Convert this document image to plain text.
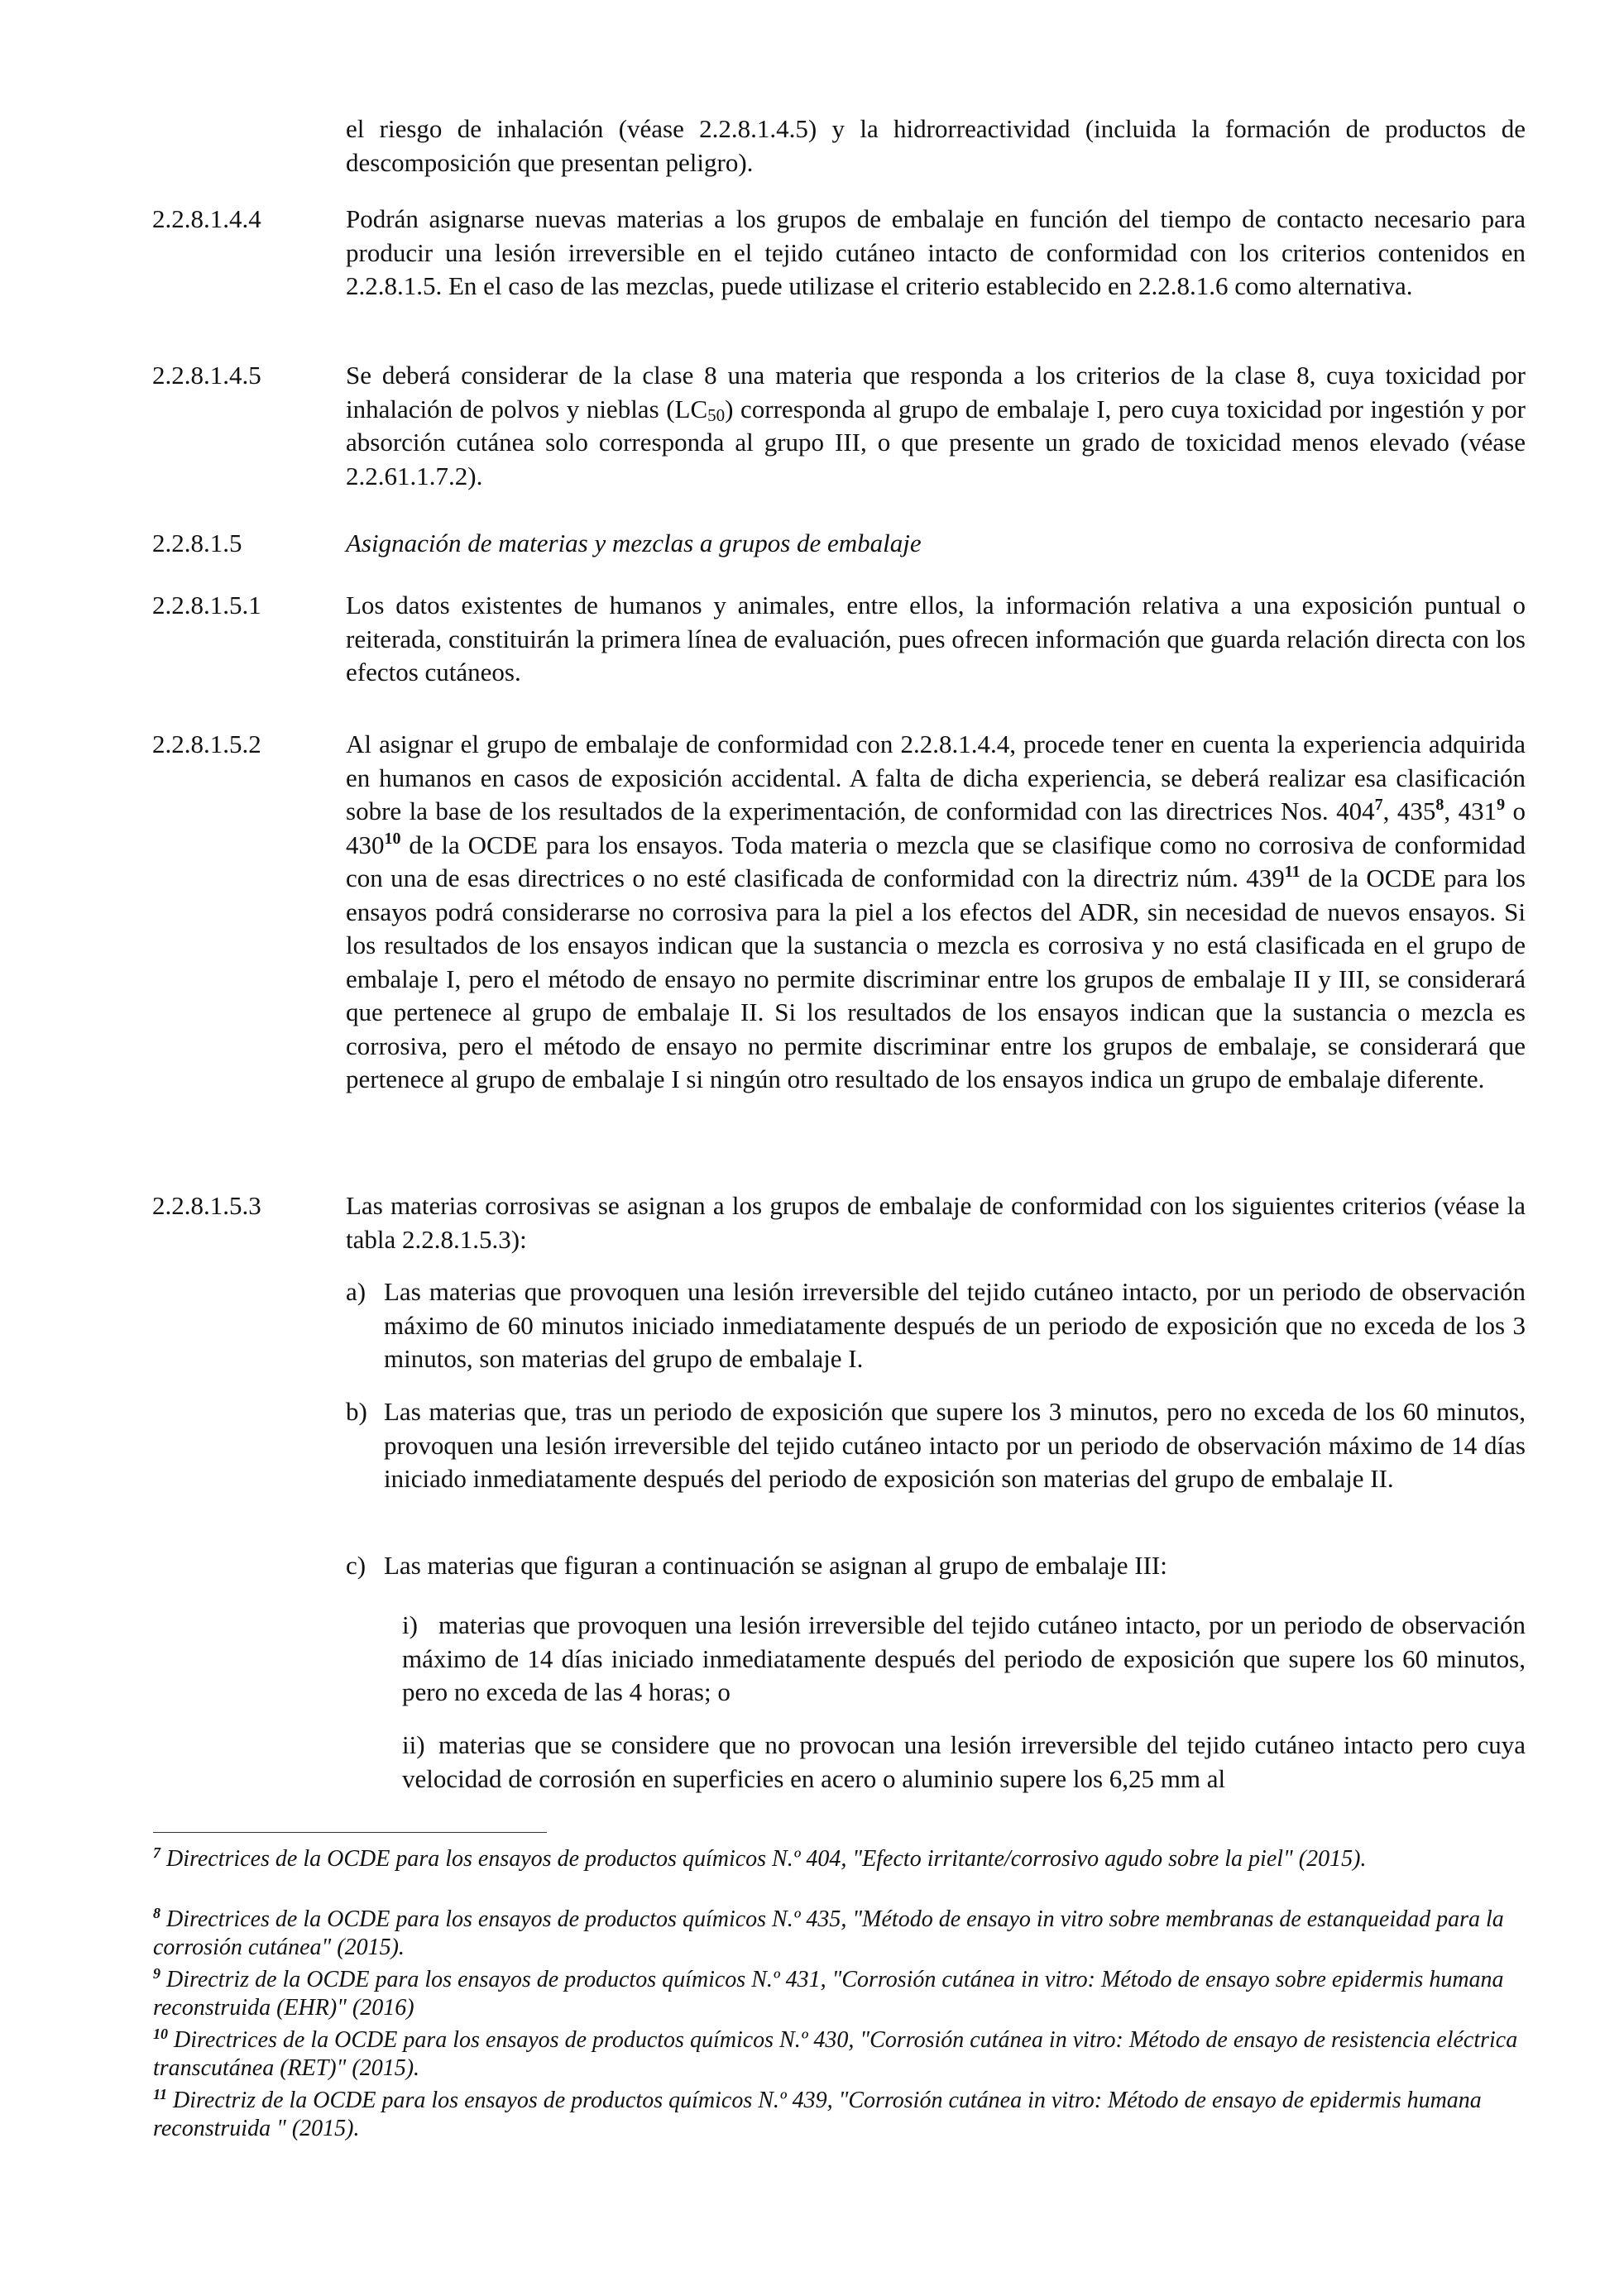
el riesgo de inhalación (véase 2.2.8.1.4.5) y la hidrorreactividad (incluida la formación de productos de descomposición que presentan peligro).
2.2.8.1.4.4	Podrán asignarse nuevas materias a los grupos de embalaje en función del tiempo de contacto necesario para producir una lesión irreversible en el tejido cutáneo intacto de conformidad con los criterios contenidos en 2.2.8.1.5. En el caso de las mezclas, puede utilizase el criterio establecido en 2.2.8.1.6 como alternativa.
2.2.8.1.4.5	Se deberá considerar de la clase 8 una materia que responda a los criterios de la clase 8, cuya toxicidad por inhalación de polvos y nieblas $(LC_{50})$ corresponda al grupo de embalaje I, pero cuya toxicidad por ingestión y por absorción cutánea solo corresponda al grupo III, o que presente un grado de toxicidad menos elevado (véase 2.2.61.1.7.2).
2.2.8.1.5	Asignación de materias y mezclas a grupos de embalaje
2.2.8.1.5.1	Los datos existentes de humanos y animales, entre ellos, la información relativa a una exposición puntual o reiterada, constituirán la primera línea de evaluación, pues ofrecen información que guarda relación directa con los efectos cutáneos.
2.2.8.1.5.2	Al asignar el grupo de embalaje de conformidad con 2.2.8.1.4.4, procede tener en cuenta la experiencia adquirida en humanos en casos de exposición accidental. A falta de dicha experiencia, se deberá realizar esa clasificación sobre la base de los resultados de la experimentación, de conformidad con las directrices Nos. $404^7$, $435^8$, $431^9$ o $430^{10}$ de la OCDE para los ensayos. Toda materia o mezcla que se clasifique como no corrosiva de conformidad con una de esas directrices o no esté clasificada de conformidad con la directriz núm. $439^{11}$ de la OCDE para los ensayos podrá considerarse no corrosiva para la piel a los efectos del ADR, sin necesidad de nuevos ensayos. Si los resultados de los ensayos indican que la sustancia o mezcla es corrosiva y no está clasificada en el grupo de embalaje I, pero el método de ensayo no permite discriminar entre los grupos de embalaje II y III, se considerará que pertenece al grupo de embalaje II. Si los resultados de los ensayos indican que la sustancia o mezcla es corrosiva, pero el método de ensayo no permite discriminar entre los grupos de embalaje, se considerará que pertenece al grupo de embalaje I si ningún otro resultado de los ensayos indica un grupo de embalaje diferente.
2.2.8.1.5.3	Las materias corrosivas se asignan a los grupos de embalaje de conformidad con los siguientes criterios (véase la tabla 2.2.8.1.5.3):
a) Las materias que provoquen una lesión irreversible del tejido cutáneo intacto, por un periodo de observación máximo de 60 minutos iniciado inmediatamente después de un periodo de exposición que no exceda de los 3 minutos, son materias del grupo de embalaje I.
b) Las materias que, tras un periodo de exposición que supere los 3 minutos, pero no exceda de los 60 minutos, provoquen una lesión irreversible del tejido cutáneo intacto por un periodo de observación máximo de 14 días iniciado inmediatamente después del periodo de exposición son materias del grupo de embalaje II.
c) Las materias que figuran a continuación se asignan al grupo de embalaje III:
i) materias que provoquen una lesión irreversible del tejido cutáneo intacto, por un periodo de observación máximo de 14 días iniciado inmediatamente después del periodo de exposición que supere los 60 minutos, pero no exceda de las 4 horas; o
ii) materias que se considere que no provocan una lesión irreversible del tejido cutáneo intacto pero cuya velocidad de corrosión en superficies en acero o aluminio supere los 6,25 mm al
$^7$ Directrices de la OCDE para los ensayos de productos químicos N.º 404, "Efecto irritante/corrosivo agudo sobre la piel" (2015).
$^8$ Directrices de la OCDE para los ensayos de productos químicos N.º 435, "Método de ensayo in vitro sobre membranas de estanqueidad para la corrosión cutánea" (2015).
$^9$ Directriz de la OCDE para los ensayos de productos químicos N.º 431, "Corrosión cutánea in vitro: Método de ensayo sobre epidermis humana reconstruida (EHR)" (2016)
$^{10}$ Directrices de la OCDE para los ensayos de productos químicos N.º 430, "Corrosión cutánea in vitro: Método de ensayo de resistencia eléctrica transcutánea (RET)" (2015).
$^{11}$ Directriz de la OCDE para los ensayos de productos químicos N.º 439, "Corrosión cutánea in vitro: Método de ensayo de epidermis humana reconstruida " (2015).
